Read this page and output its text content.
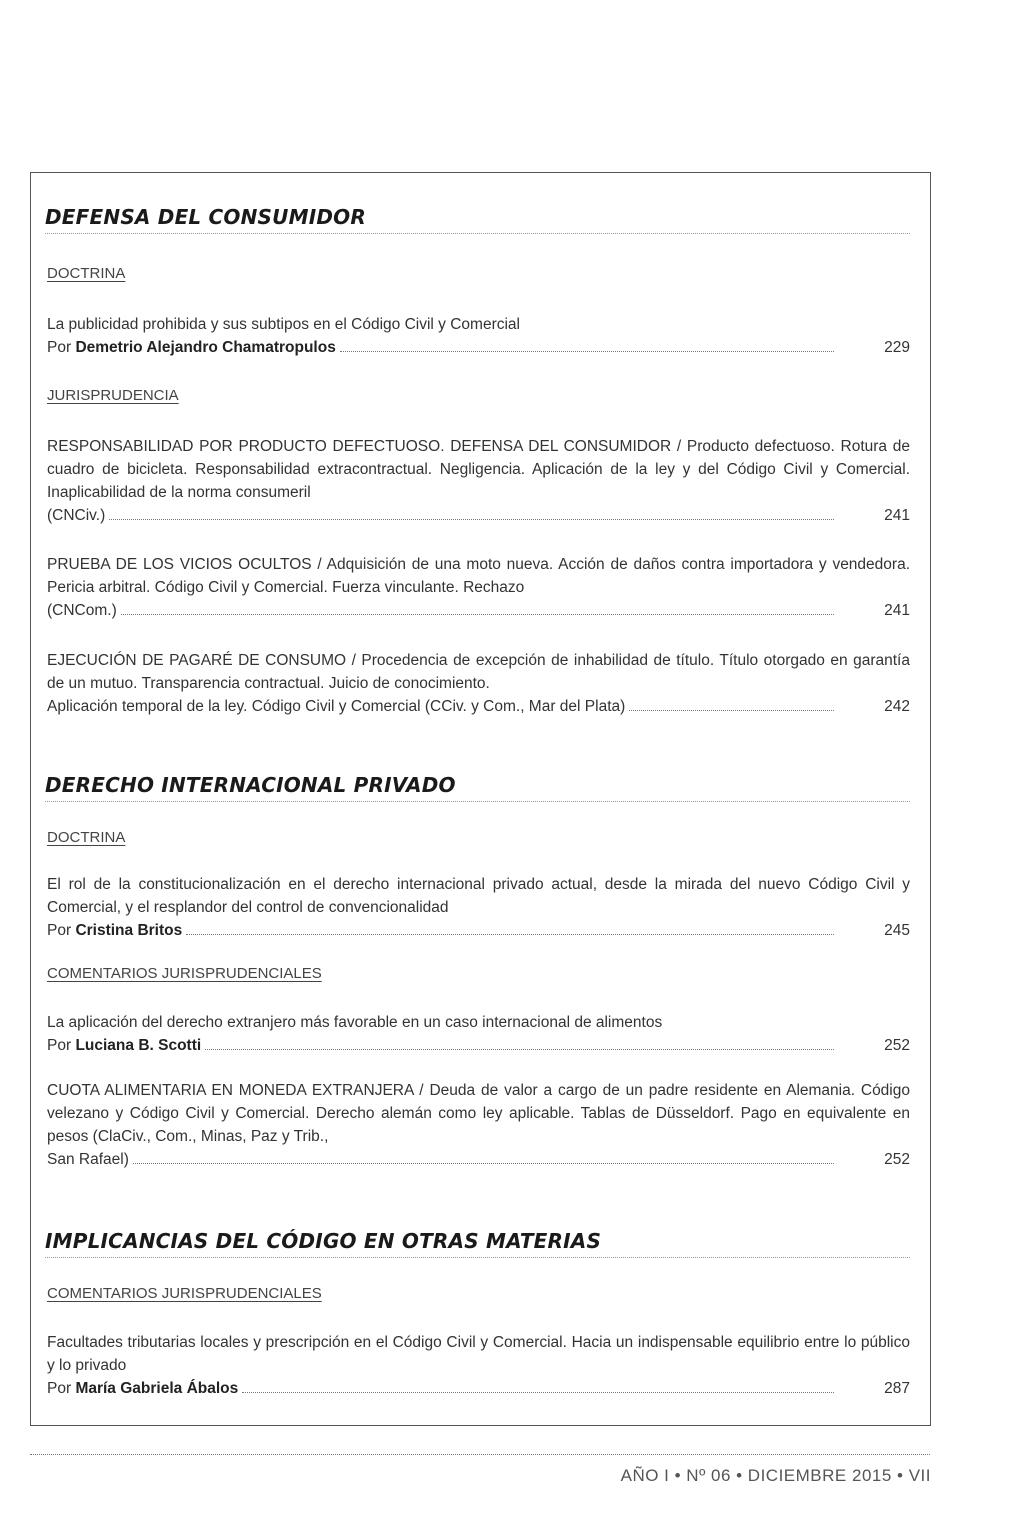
DEFENSA DEL CONSUMIDOR
DOCTRINA

La publicidad prohibida y sus subtipos en el Código Civil y Comercial

Por Demetrio Alejandro Chamatropulos	229
JURISPRUDENCIA

RESPONSABILIDAD POR PRODUCTO DEFECTUOSO. DEFENSA DEL CONSUMIDOR / Producto defectuoso. Rotura de cuadro de bicicleta. Responsabilidad extracontractual. Negligencia. Aplicación de la ley y del Código Civil y Comercial. Inaplicabilidad de la norma consumeril

(CNCiv.)	241

PRUEBA DE LOS VICIOS OCULTOS / Adquisición de una moto nueva. Acción de daños contra importadora y vendedora. Pericia arbitral. Código Civil y Comercial. Fuerza vinculante. Rechazo

(CNCom.)	241

EJECUCIÓN DE PAGARÉ DE CONSUMO / Procedencia de excepción de inhabilidad de título. Título otorgado en garantía de un mutuo. Transparencia contractual. Juicio de conocimiento.

Aplicación temporal de la ley. Código Civil y Comercial (CCiv. y Com., Mar del Plata)	242
DERECHO INTERNACIONAL PRIVADO
DOCTRINA

El rol de la constitucionalización en el derecho internacional privado actual, desde la mirada del nuevo Código Civil y Comercial, y el resplandor del control de convencionalidad

Por Cristina Britos	245
COMENTARIOS JURISPRUDENCIALES

La aplicación del derecho extranjero más favorable en un caso internacional de alimentos

Por Luciana B. Scotti	252

CUOTA ALIMENTARIA EN MONEDA EXTRANJERA / Deuda de valor a cargo de un padre residente en Alemania. Código velezano y Código Civil y Comercial. Derecho alemán como ley aplicable. Tablas de Düsseldorf. Pago en equivalente en pesos (ClaCiv., Com., Minas, Paz y Trib.,

San Rafael)	252
IMPLICANCIAS DEL CÓDIGO EN OTRAS MATERIAS
COMENTARIOS JURISPRUDENCIALES

Facultades tributarias locales y prescripción en el Código Civil y Comercial. Hacia un indispensable equilibrio entre lo público y lo privado

Por María Gabriela Ábalos	287
AÑO I • Nº 06 • DICIEMBRE 2015 • VII
